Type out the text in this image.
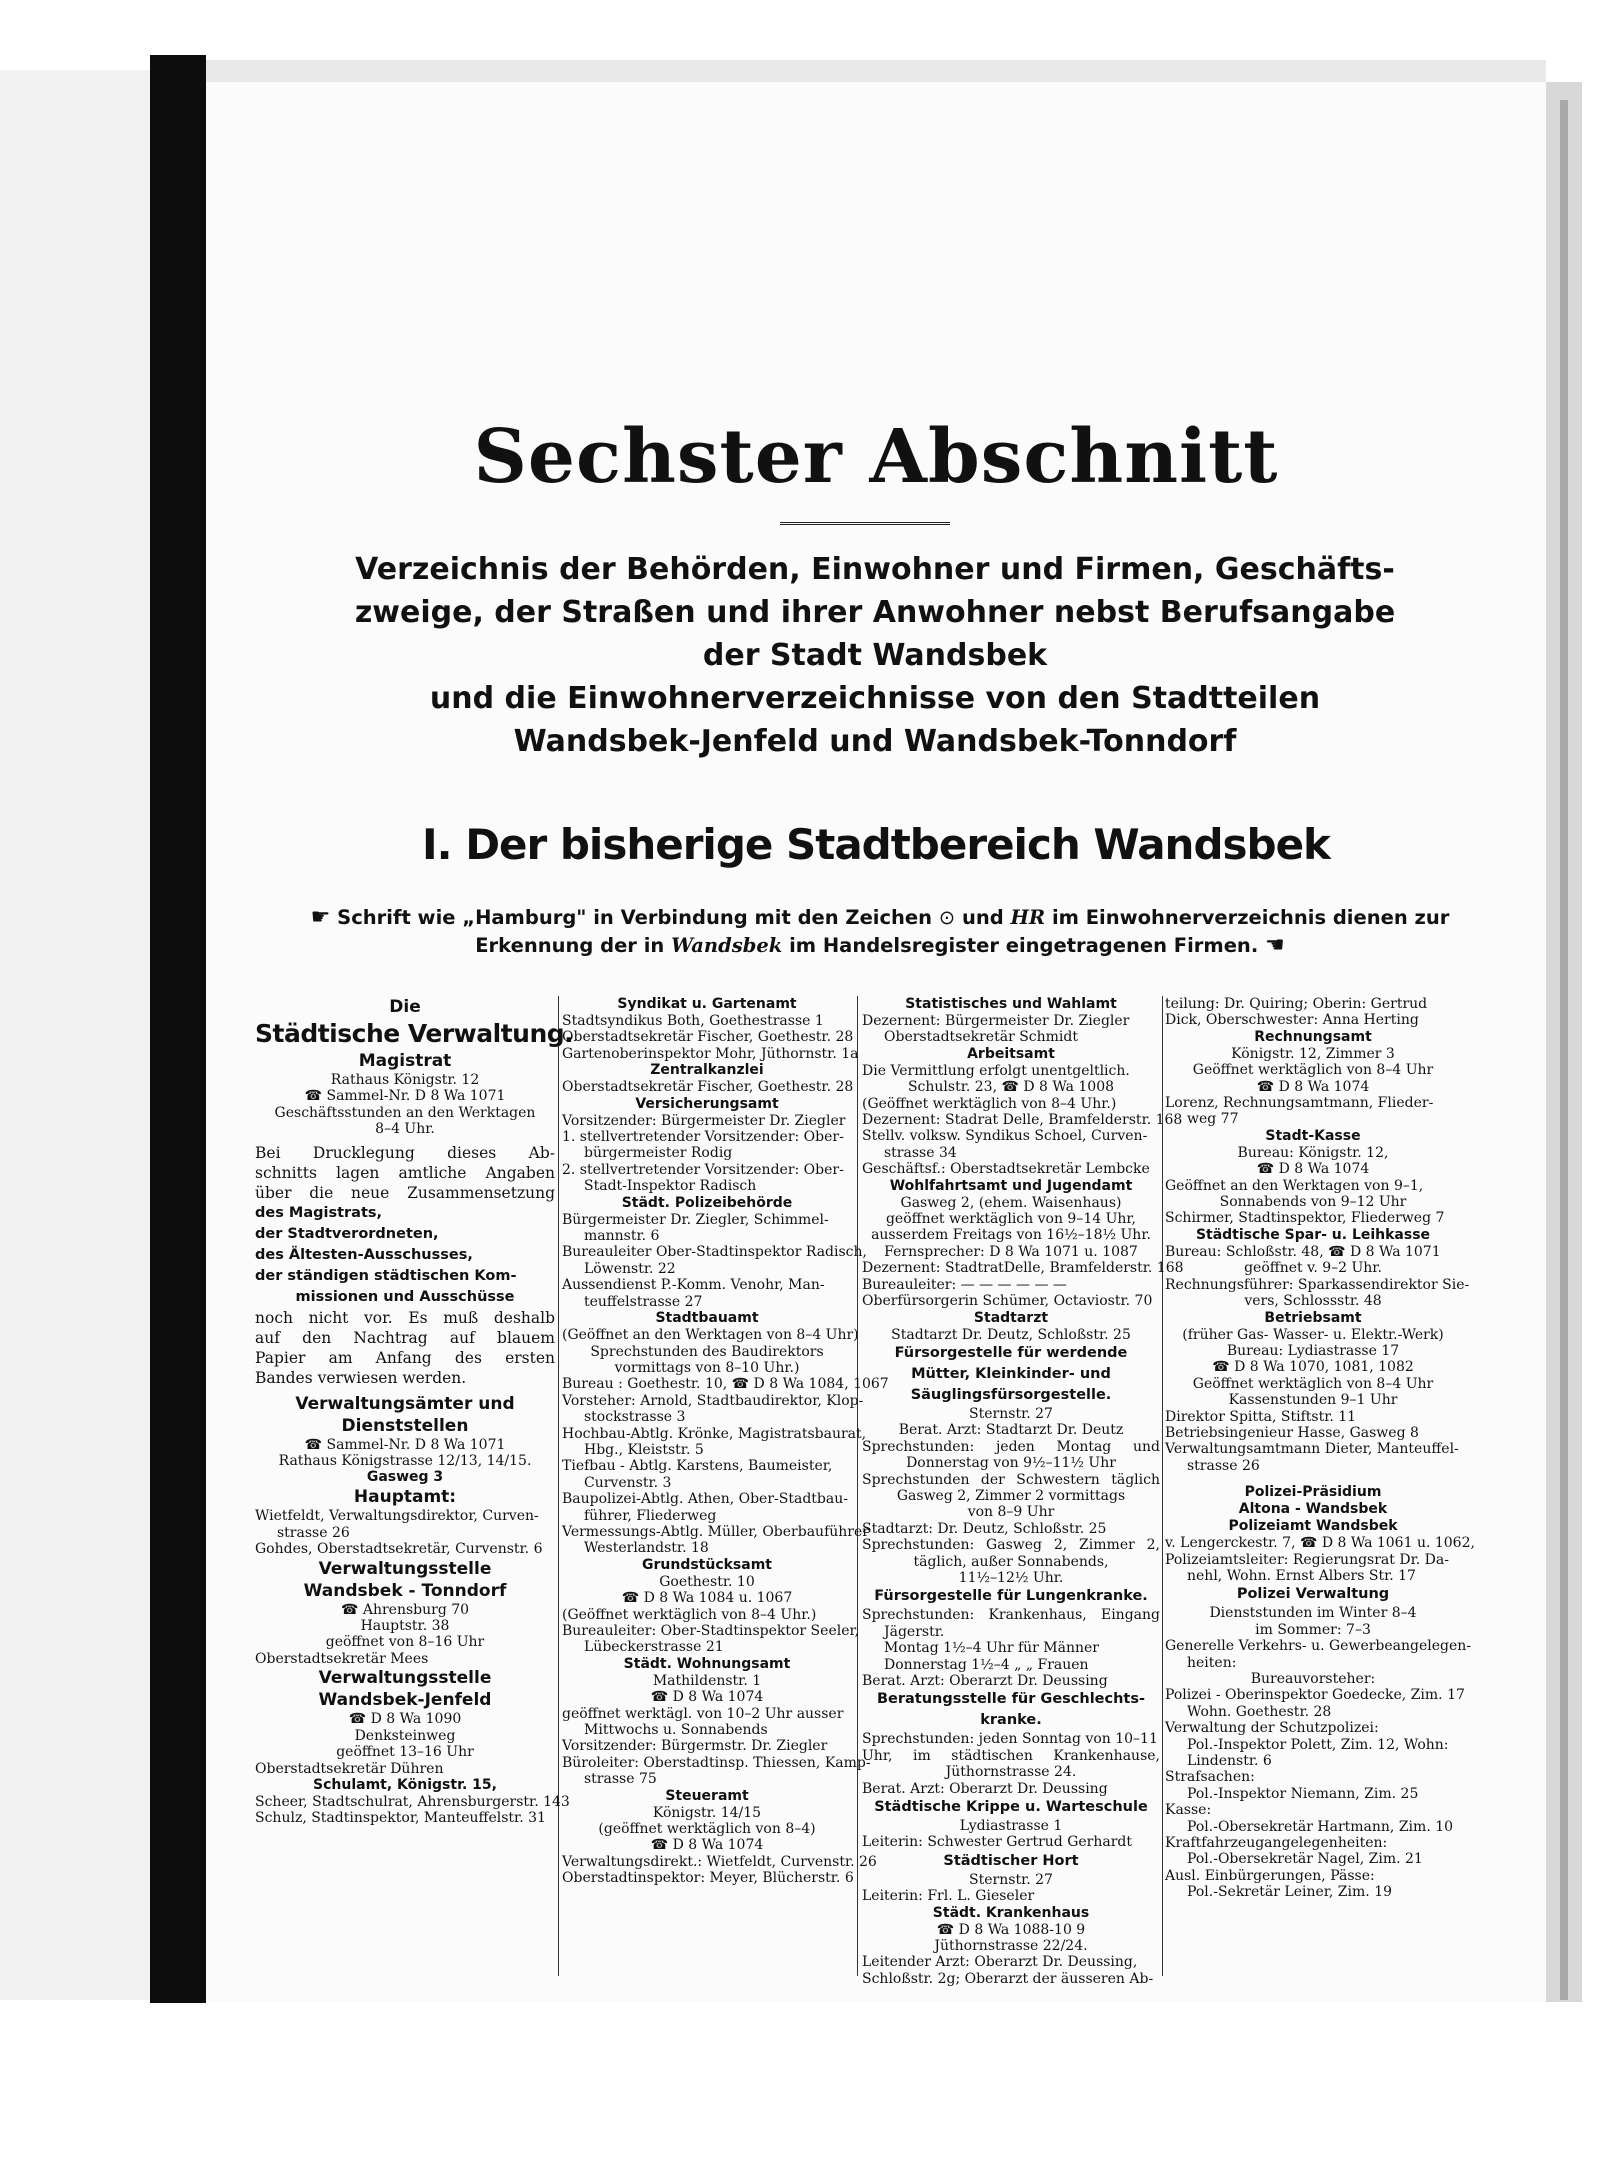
Sechster Abschnitt
Verzeichnis der Behörden, Einwohner und Firmen, Geschäfts-
zweige, der Straßen und ihrer Anwohner nebst Berufsangabe
der Stadt Wandsbek
und die Einwohnerverzeichnisse von den Stadtteilen
Wandsbek-Jenfeld und Wandsbek-Tonndorf
I. Der bisherige Stadtbereich Wandsbek
☛ Schrift wie „Hamburg" in Verbindung mit den Zeichen ⊙ und HR im Einwohnerverzeichnis dienen zur
Erkennung der in Wandsbek im Handelsregister eingetragenen Firmen. ☚
Die
Städtische Verwaltung.
Magistrat
Rathaus Königstr. 12
☎ Sammel-Nr. D 8 Wa 1071
Geschäftsstunden an den Werktagen
8–4 Uhr.
Bei Drucklegung dieses Ab-
schnitts lagen amtliche Angaben
über die neue Zusammensetzung
des Magistrats,
der Stadtverordneten,
des Ältesten-Ausschusses,
der ständigen städtischen Kom-
missionen und Ausschüsse
noch nicht vor. Es muß deshalb
auf den Nachtrag auf blauem
Papier am Anfang des ersten
Bandes verwiesen werden.
Verwaltungsämter und
Dienststellen
☎ Sammel-Nr. D 8 Wa 1071
Rathaus Königstrasse 12/13, 14/15.
Gasweg 3
Hauptamt:
Wietfeldt, Verwaltungsdirektor, Curven-
strasse 26
Gohdes, Oberstadtsekretär, Curvenstr. 6
Verwaltungsstelle
Wandsbek - Tonndorf
☎ Ahrensburg 70
Hauptstr. 38
geöffnet von 8–16 Uhr
Oberstadtsekretär Mees
Verwaltungsstelle
Wandsbek-Jenfeld
☎ D 8 Wa 1090
Denksteinweg
geöffnet 13–16 Uhr
Oberstadtsekretär Dühren
Schulamt, Königstr. 15,
Scheer, Stadtschulrat, Ahrensburgerstr. 143
Schulz, Stadtinspektor, Manteuffelstr. 31
Syndikat u. Gartenamt
Stadtsyndikus Both, Goethestrasse 1
Oberstadtsekretär Fischer, Goethestr. 28
Gartenoberinspektor Mohr, Jüthornstr. 1a
Zentralkanzlei
Oberstadtsekretär Fischer, Goethestr. 28
Versicherungsamt
Vorsitzender: Bürgermeister Dr. Ziegler
1. stellvertretender Vorsitzender: Ober-
bürgermeister Rodig
2. stellvertretender Vorsitzender: Ober-
Stadt-Inspektor Radisch
Städt. Polizeibehörde
Bürgermeister Dr. Ziegler, Schimmel-
mannstr. 6
Bureauleiter Ober-Stadtinspektor Radisch,
Löwenstr. 22
Aussendienst P.-Komm. Venohr, Man-
teuffelstrasse 27
Stadtbauamt
(Geöffnet an den Werktagen von 8–4 Uhr)
Sprechstunden des Baudirektors
vormittags von 8–10 Uhr.)
Bureau : Goethestr. 10, ☎ D 8 Wa 1084, 1067
Vorsteher: Arnold, Stadtbaudirektor, Klop-
stockstrasse 3
Hochbau-Abtlg. Krönke, Magistratsbaurat,
Hbg., Kleiststr. 5
Tiefbau - Abtlg. Karstens, Baumeister,
Curvenstr. 3
Baupolizei-Abtlg. Athen, Ober-Stadtbau-
führer, Fliederweg
Vermessungs-Abtlg. Müller, Oberbauführer
Westerlandstr. 18
Grundstücksamt
Goethestr. 10
☎ D 8 Wa 1084 u. 1067
(Geöffnet werktäglich von 8–4 Uhr.)
Bureauleiter: Ober-Stadtinspektor Seeler,
Lübeckerstrasse 21
Städt. Wohnungsamt
Mathildenstr. 1
☎ D 8 Wa 1074
geöffnet werktägl. von 10–2 Uhr ausser
Mittwochs u. Sonnabends
Vorsitzender: Bürgermstr. Dr. Ziegler
Büroleiter: Oberstadtinsp. Thiessen, Kamp-
strasse 75
Steueramt
Königstr. 14/15
(geöffnet werktäglich von 8–4)
☎ D 8 Wa 1074
Verwaltungsdirekt.: Wietfeldt, Curvenstr. 26
Oberstadtinspektor: Meyer, Blücherstr. 6
Statistisches und Wahlamt
Dezernent: Bürgermeister Dr. Ziegler
Oberstadtsekretär Schmidt
Arbeitsamt
Die Vermittlung erfolgt unentgeltlich.
Schulstr. 23, ☎ D 8 Wa 1008
(Geöffnet werktäglich von 8–4 Uhr.)
Dezernent: Stadrat Delle, Bramfelderstr. 168
Stellv. volksw. Syndikus Schoel, Curven-
strasse 34
Geschäftsf.: Oberstadtsekretär Lembcke
Wohlfahrtsamt und Jugendamt
Gasweg 2, (ehem. Waisenhaus)
geöffnet werktäglich von 9–14 Uhr,
ausserdem Freitags von 16½–18½ Uhr.
Fernsprecher: D 8 Wa 1071 u. 1087
Dezernent: StadtratDelle, Bramfelderstr. 168
Bureauleiter: — — — — — —
Oberfürsorgerin Schümer, Octaviostr. 70
Stadtarzt
Stadtarzt Dr. Deutz, Schloßstr. 25
Fürsorgestelle für werdende
Mütter, Kleinkinder- und
Säuglingsfürsorgestelle.
Sternstr. 27
Berat. Arzt: Stadtarzt Dr. Deutz
Sprechstunden: jeden Montag und
Donnerstag von 9½–11½ Uhr
Sprechstunden der Schwestern täglich
Gasweg 2, Zimmer 2 vormittags
von 8–9 Uhr
Stadtarzt: Dr. Deutz, Schloßstr. 25
Sprechstunden: Gasweg 2, Zimmer 2,
täglich, außer Sonnabends,
11½–12½ Uhr.
Fürsorgestelle für Lungenkranke.
Sprechstunden: Krankenhaus, Eingang
Jägerstr.
Montag 1½–4 Uhr für Männer
Donnerstag 1½–4 „ „ Frauen
Berat. Arzt: Oberarzt Dr. Deussing
Beratungsstelle für Geschlechts-
kranke.
Sprechstunden: jeden Sonntag von 10–11
Uhr, im städtischen Krankenhause,
Jüthornstrasse 24.
Berat. Arzt: Oberarzt Dr. Deussing
Städtische Krippe u. Warteschule
Lydiastrasse 1
Leiterin: Schwester Gertrud Gerhardt
Städtischer Hort
Sternstr. 27
Leiterin: Frl. L. Gieseler
Städt. Krankenhaus
☎ D 8 Wa 1088-10 9
Jüthornstrasse 22/24.
Leitender Arzt: Oberarzt Dr. Deussing,
Schloßstr. 2g; Oberarzt der äusseren Ab-
teilung: Dr. Quiring; Oberin: Gertrud
Dick, Oberschwester: Anna Herting
Rechnungsamt
Königstr. 12, Zimmer 3
Geöffnet werktäglich von 8–4 Uhr
☎ D 8 Wa 1074
Lorenz, Rechnungsamtmann, Flieder-
weg 77
Stadt-Kasse
Bureau: Königstr. 12,
☎ D 8 Wa 1074
Geöffnet an den Werktagen von 9–1,
Sonnabends von 9–12 Uhr
Schirmer, Stadtinspektor, Fliederweg 7
Städtische Spar- u. Leihkasse
Bureau: Schloßstr. 48, ☎ D 8 Wa 1071
geöffnet v. 9–2 Uhr.
Rechnungsführer: Sparkassendirektor Sie-
vers, Schlossstr. 48
Betriebsamt
(früher Gas- Wasser- u. Elektr.-Werk)
Bureau: Lydiastrasse 17
☎ D 8 Wa 1070, 1081, 1082
Geöffnet werktäglich von 8–4 Uhr
Kassenstunden 9–1 Uhr
Direktor Spitta, Stiftstr. 11
Betriebsingenieur Hasse, Gasweg 8
Verwaltungsamtmann Dieter, Manteuffel-
strasse 26
Polizei-Präsidium
Altona - Wandsbek
Polizeiamt Wandsbek
v. Lengerckestr. 7, ☎ D 8 Wa 1061 u. 1062,
Polizeiamtsleiter: Regierungsrat Dr. Da-
nehl, Wohn. Ernst Albers Str. 17
Polizei Verwaltung
Dienststunden im Winter 8–4
im Sommer: 7–3
Generelle Verkehrs- u. Gewerbeangelegen-
heiten:
Bureauvorsteher:
Polizei - Oberinspektor Goedecke, Zim. 17
Wohn. Goethestr. 28
Verwaltung der Schutzpolizei:
Pol.-Inspektor Polett, Zim. 12, Wohn:
Lindenstr. 6
Strafsachen:
Pol.-Inspektor Niemann, Zim. 25
Kasse:
Pol.-Obersekretär Hartmann, Zim. 10
Kraftfahrzeugangelegenheiten:
Pol.-Obersekretär Nagel, Zim. 21
Ausl. Einbürgerungen, Pässe:
Pol.-Sekretär Leiner, Zim. 19
